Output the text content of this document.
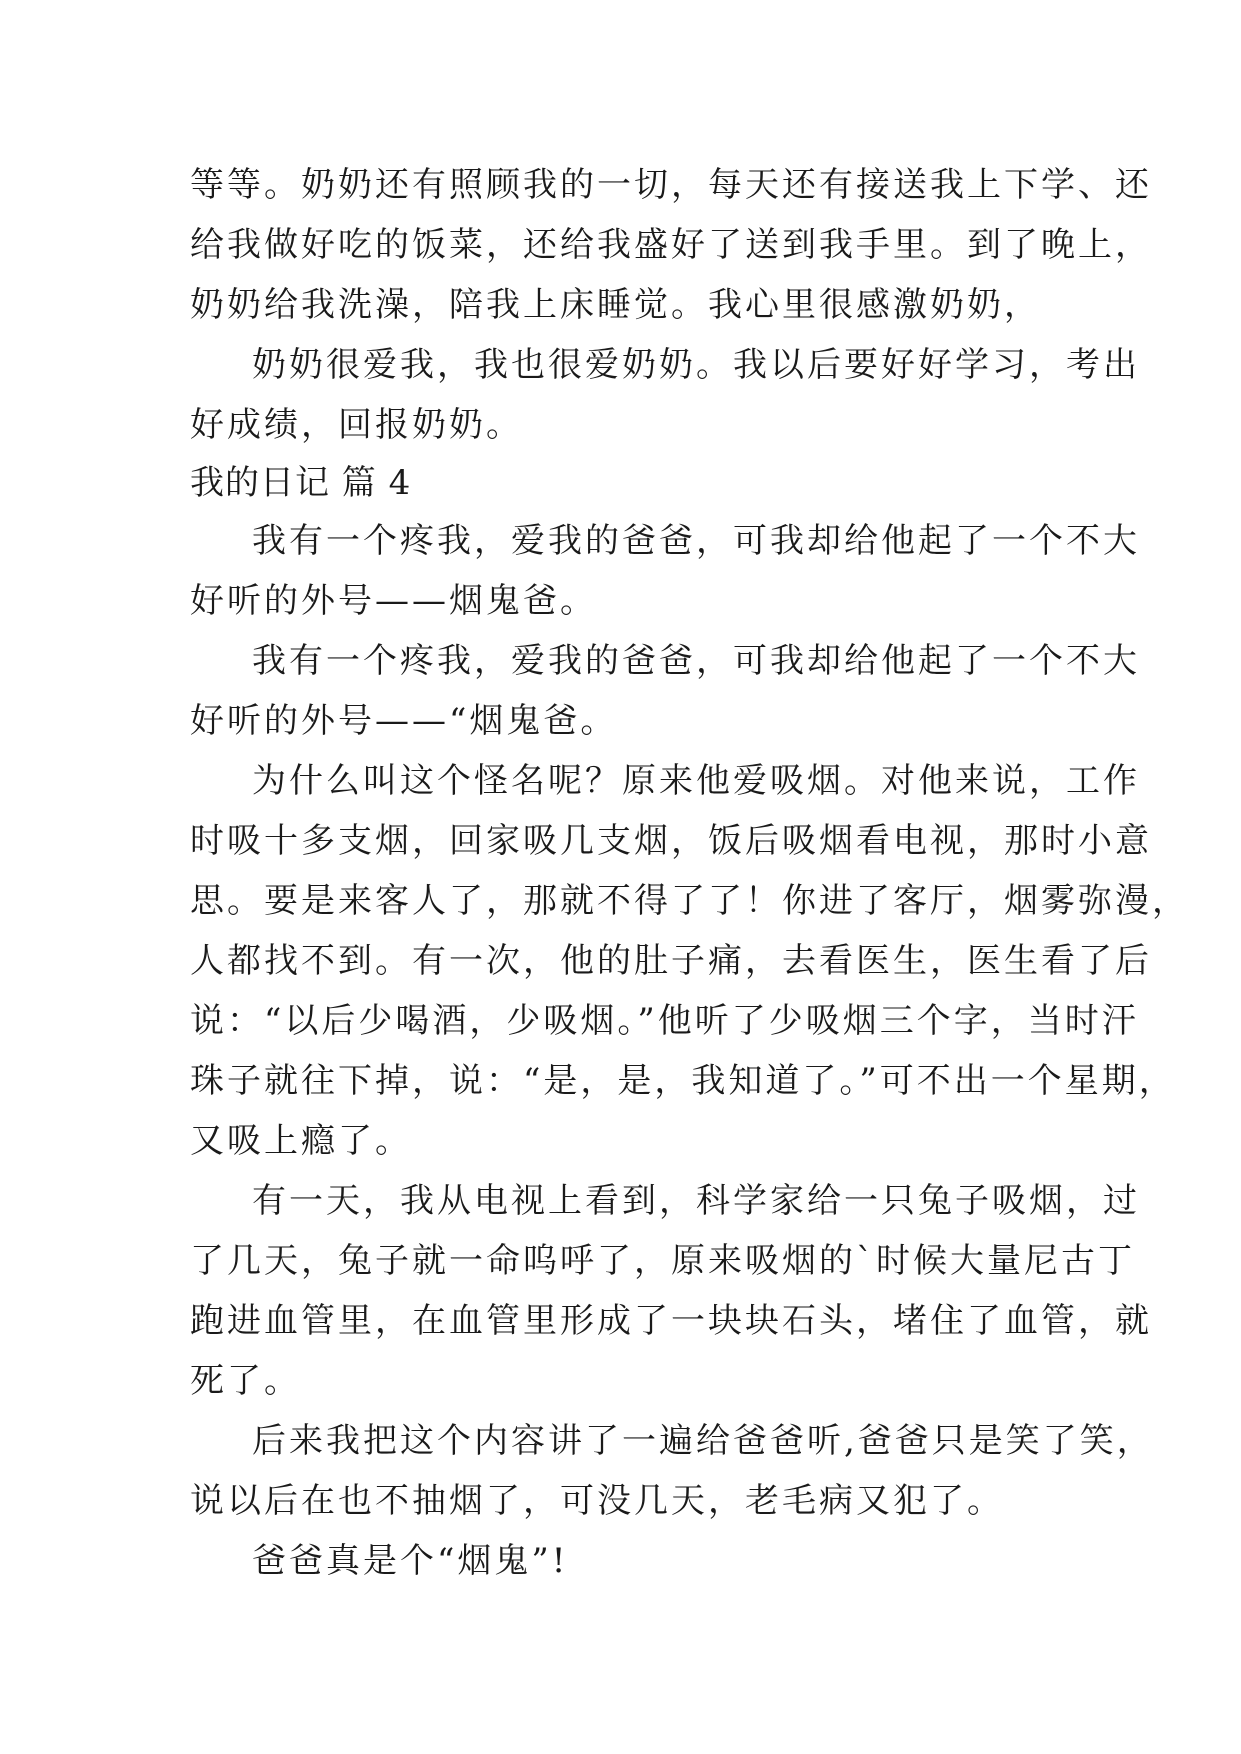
等等。奶奶还有照顾我的一切，每天还有接送我上下学、还
给我做好吃的饭菜，还给我盛好了送到我手里。到了晚上，
奶奶给我洗澡，陪我上床睡觉。我心里很感激奶奶，
奶奶很爱我，我也很爱奶奶。我以后要好好学习，考出
好成绩，回报奶奶。
我的日记 篇 4
我有一个疼我，爱我的爸爸，可我却给他起了一个不大
好听的外号——烟鬼爸。
我有一个疼我，爱我的爸爸，可我却给他起了一个不大
好听的外号——“烟鬼爸。
为什么叫这个怪名呢？原来他爱吸烟。对他来说，工作
时吸十多支烟，回家吸几支烟，饭后吸烟看电视，那时小意
思。要是来客人了，那就不得了了！你进了客厅，烟雾弥漫，
人都找不到。有一次，他的肚子痛，去看医生，医生看了后
说：“以后少喝酒，少吸烟。”他听了少吸烟三个字，当时汗
珠子就往下掉，说：“是，是，我知道了。”可不出一个星期，
又吸上瘾了。
有一天，我从电视上看到，科学家给一只兔子吸烟，过
了几天，兔子就一命呜呼了，原来吸烟的`时候大量尼古丁
跑进血管里，在血管里形成了一块块石头，堵住了血管，就
死了。
后来我把这个内容讲了一遍给爸爸听,爸爸只是笑了笑，
说以后在也不抽烟了，可没几天，老毛病又犯了。
爸爸真是个“烟鬼”!
